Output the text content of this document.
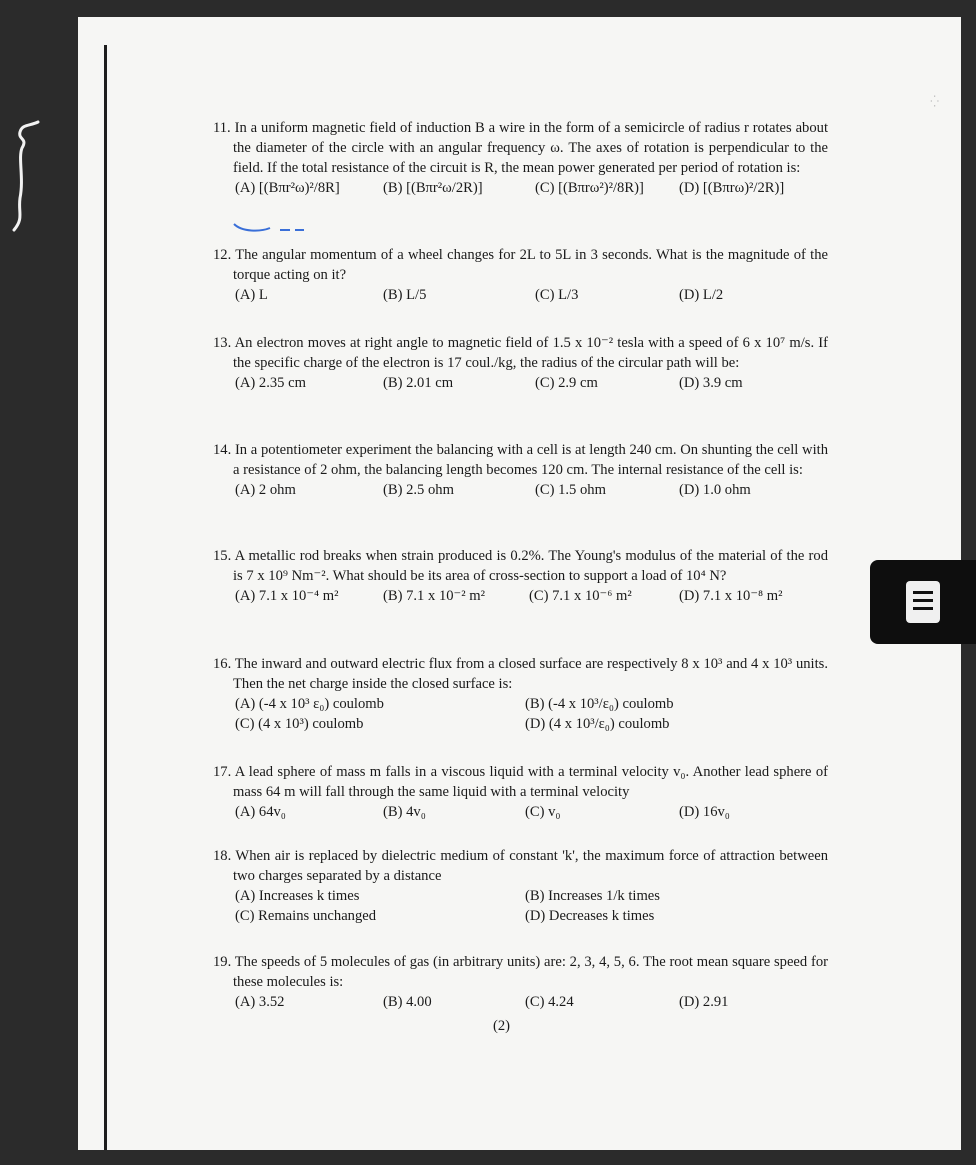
⁛
11. In a uniform magnetic field of induction B a wire in the form of a semicircle of radius r rotates about the diameter of the circle with an angular frequency ω. The axes of rotation is perpendicular to the field. If the total resistance of the circuit is R, the mean power generated per period of rotation is:
(A) [(Bπr²ω)²/8R]	(B) [(Bπr²ω/2R)]	(C) [(Bπrω²)²/8R)] (D) [(Bπrω)²/2R)]
12. The angular momentum of a wheel changes for 2L to 5L in 3 seconds. What is the magnitude of the torque acting on it?
(A) L	(B) L/5	(C) L/3	(D) L/2
13. An electron moves at right angle to magnetic field of 1.5 x 10⁻² tesla with a speed of 6 x 10⁷ m/s. If the specific charge of the electron is 17 coul./kg, the radius of the circular path will be:
(A) 2.35 cm	(B) 2.01 cm	(C) 2.9 cm	(D) 3.9 cm
14. In a potentiometer experiment the balancing with a cell is at length 240 cm. On shunting the cell with a resistance of 2 ohm, the balancing length becomes 120 cm. The internal resistance of the cell is:
(A) 2 ohm	(B) 2.5 ohm	(C) 1.5 ohm	(D) 1.0 ohm
15. A metallic rod breaks when strain produced is 0.2%. The Young's modulus of the material of the rod is 7 x 10⁹ Nm⁻². What should be its area of cross-section to support a load of 10⁴ N?
(A) 7.1 x 10⁻⁴ m²	(B) 7.1 x 10⁻² m²	(C) 7.1 x 10⁻⁶ m²	(D) 7.1 x 10⁻⁸ m²
16. The inward and outward electric flux from a closed surface are respectively 8 x 10³ and 4 x 10³ units. Then the net charge inside the closed surface is:
(A) (-4 x 10³ ε₀) coulomb	(B) (-4 x 10³/ε₀) coulomb
(C) (4 x 10³) coulomb	(D) (4 x 10³/ε₀) coulomb
17. A lead sphere of mass m falls in a viscous liquid with a terminal velocity v₀. Another lead sphere of mass 64 m will fall through the same liquid with a terminal velocity
(A) 64v₀	(B) 4v₀	(C) v₀	(D) 16v₀
18. When air is replaced by dielectric medium of constant 'k', the maximum force of attraction between two charges separated by a distance
(A) Increases k times	(B) Increases 1/k times
(C) Remains unchanged	(D) Decreases k times
19. The speeds of 5 molecules of gas (in arbitrary units) are: 2, 3, 4, 5, 6. The root mean square speed for these molecules is:
(A) 3.52	(B) 4.00	(C) 4.24	(D) 2.91
(2)
